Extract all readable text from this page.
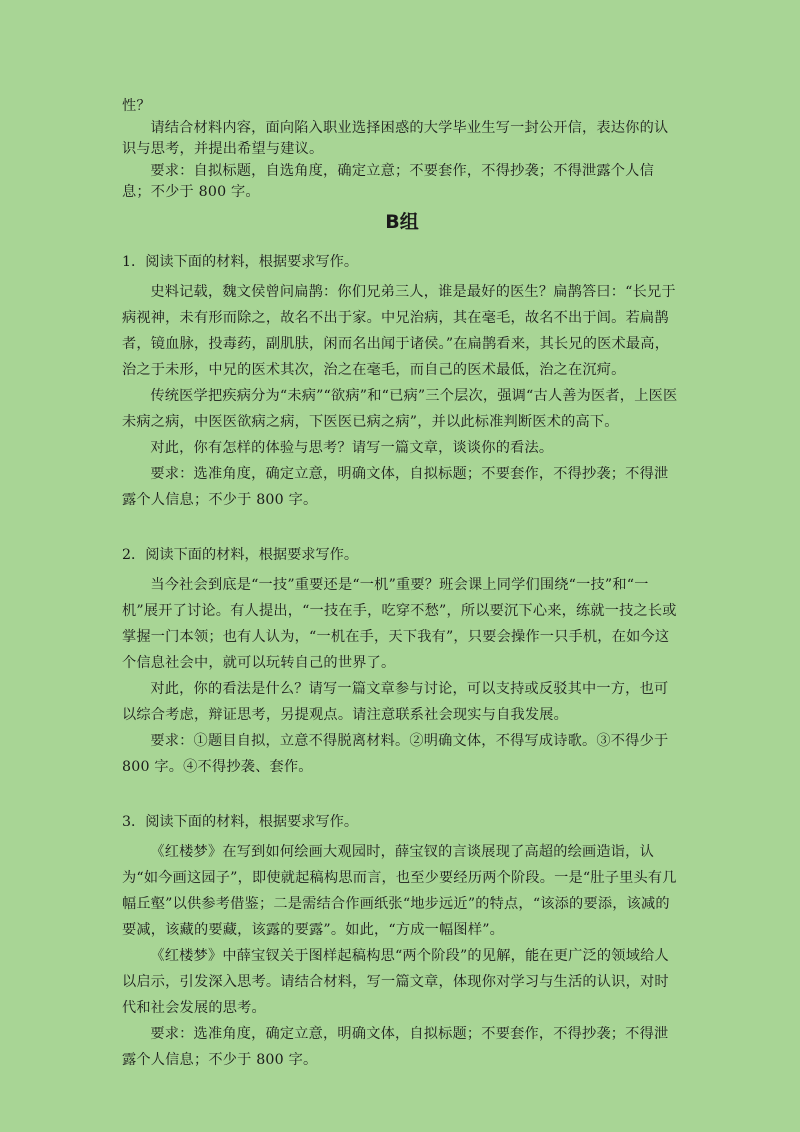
性？

请结合材料内容，面向陷入职业选择困惑的大学毕业生写一封公开信，表达你的认识与思考，并提出希望与建议。

要求：自拟标题，自选角度，确定立意；不要套作，不得抄袭；不得泄露个人信息；不少于 800 字。

B组

1．阅读下面的材料，根据要求写作。

史料记载，魏文侯曾问扁鹊：你们兄弟三人，谁是最好的医生？扁鹊答曰：“长兄于病视神，未有形而除之，故名不出于家。中兄治病，其在毫毛，故名不出于闾。若扁鹊者，镜血脉，投毒药，副肌肤，闲而名出闻于诸侯。”在扁鹊看来，其长兄的医术最高，治之于未形，中兄的医术其次，治之在毫毛，而自己的医术最低，治之在沉疴。

传统医学把疾病分为“未病”“欲病”和“已病”三个层次，强调“古人善为医者，上医医未病之病，中医医欲病之病，下医医已病之病”，并以此标准判断医术的高下。

对此，你有怎样的体验与思考？请写一篇文章，谈谈你的看法。

要求：选准角度，确定立意，明确文体，自拟标题；不要套作，不得抄袭；不得泄露个人信息；不少于 800 字。

2．阅读下面的材料，根据要求写作。

当今社会到底是“一技”重要还是“一机”重要？班会课上同学们围绕“一技”和“一机”展开了讨论。有人提出，“一技在手，吃穿不愁”，所以要沉下心来，练就一技之长或掌握一门本领；也有人认为，“一机在手，天下我有”，只要会操作一只手机，在如今这个信息社会中，就可以玩转自己的世界了。

对此，你的看法是什么？请写一篇文章参与讨论，可以支持或反驳其中一方，也可以综合考虑，辩证思考，另提观点。请注意联系社会现实与自我发展。

要求：①题目自拟，立意不得脱离材料。②明确文体，不得写成诗歌。③不得少于 800 字。④不得抄袭、套作。

3．阅读下面的材料，根据要求写作。

《红楼梦》在写到如何绘画大观园时，薛宝钗的言谈展现了高超的绘画造诣，认为“如今画这园子”，即使就起稿构思而言，也至少要经历两个阶段。一是“肚子里头有几幅丘壑”以供参考借鉴；二是需结合作画纸张“地步远近”的特点，“该添的要添，该减的要减，该藏的要藏，该露的要露”。如此，“方成一幅图样”。

《红楼梦》中薛宝钗关于图样起稿构思“两个阶段”的见解，能在更广泛的领域给人以启示，引发深入思考。请结合材料，写一篇文章，体现你对学习与生活的认识，对时代和社会发展的思考。

要求：选准角度，确定立意，明确文体，自拟标题；不要套作，不得抄袭；不得泄露个人信息；不少于 800 字。
